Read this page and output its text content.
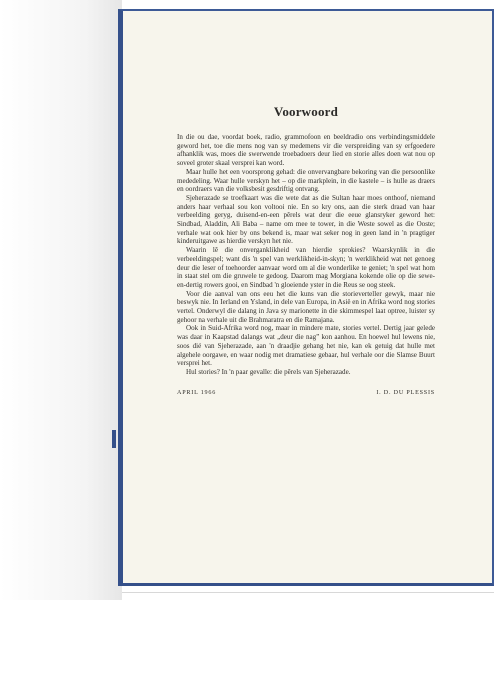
Voorwoord

In die ou dae, voordat boek, radio, grammofoon en beeldradio ons verbindingsmiddele geword het, toe die mens nog van sy medemens vir die verspreiding van sy erfgoedere afhanklik was, moes die swerwende troebadoers deur lied en storie alles doen wat nou op soveel groter skaal versprei kan word.

Maar hulle het een voorsprong gehad: die onvervangbare bekoring van die persoonlike mededeling. Waar hulle verskyn het – op die markplein, in die kastele – is hulle as draers en oordraers van die volksbesit gesdriftig ontvang.

Sjeherazade se troefkaart was die wete dat as die Sultan haar moes onthoof, niemand anders haar verhaal sou kon voltooi nie. En so kry ons, aan die sterk draad van haar verbeelding geryg, duisend-en-een pêrels wat deur die eeue glansryker geword het: Sindbad, Aladdin, Ali Baba – name om mee te tower, in die Weste sowel as die Ooste; verhale wat ook hier by ons bekend is, maar wat seker nog in geen land in 'n pragtiger kinderuitgawe as hierdie verskyn het nie.

Waarin lê die onverganklikheid van hierdie sprokies? Waarskynlik in die verbeeldingspel; want dis 'n spel van werklikheid-in-skyn; 'n werklikheid wat net genoeg deur die leser of toehoorder aanvaar word om al die wonderlike te geniet; 'n spel wat hom in staat stel om die gruwele te gedoog. Daarom mag Morgiana kokende olie op die sewe-en-dertig rowers gooi, en Sindbad 'n gloeiende yster in die Reus se oog steek.

Voor die aanval van ons eeu het die kuns van die storieverteller gewyk, maar nie beswyk nie. In Ierland en Ysland, in dele van Europa, in Asië en in Afrika word nog stories vertel. Onderwyl die dalang in Java sy marionette in die skimmespel laat optree, luister sy gehoor na verhale uit die Brahmaratra en die Ramajana.

Ook in Suid-Afrika word nog, maar in mindere mate, stories vertel. Dertig jaar gelede was daar in Kaapstad dalangs wat „deur die nag” kon aanhou. En hoewel hul lewens nie, soos dié van Sjeherazade, aan 'n draadjie gehang het nie, kan ek getuig dat hulle met algehele oorgawe, en waar nodig met dramatiese gebaar, hul verhale oor die Slamse Buurt versprei het.

Hul stories? In 'n paar gevalle: die pêrels van Sjeherazade.

APRIL 1966	I. D. DU PLESSIS
